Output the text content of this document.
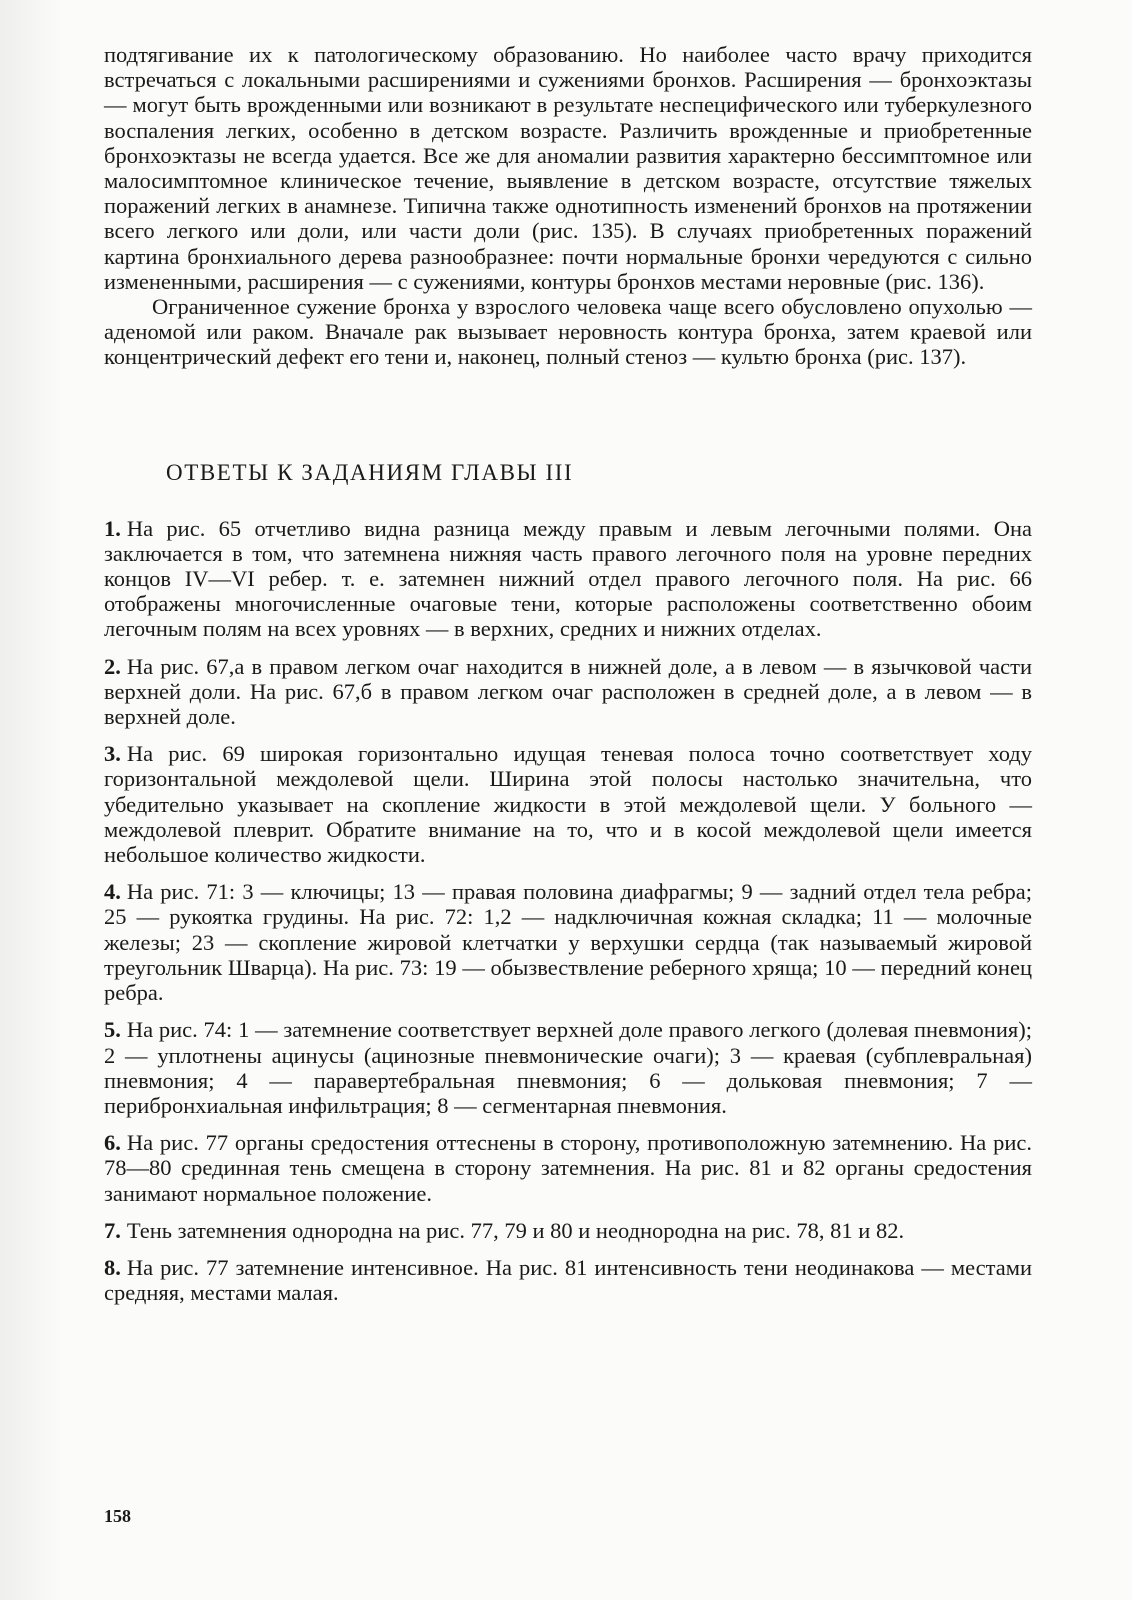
подтягивание их к патологическому образованию. Но наиболее часто врачу приходится встречаться с локальными расширениями и сужениями бронхов. Расширения — бронхоэктазы — могут быть врожденными или возникают в результате неспецифического или туберкулезного воспаления легких, особенно в детском возрасте. Различить врожденные и приобретенные бронхоэктазы не всегда удается. Все же для аномалии развития характерно бессимптомное или малосимптомное клиническое течение, выявление в детском возрасте, отсутствие тяжелых поражений легких в анамнезе. Типична также однотипность изменений бронхов на протяжении всего легкого или доли, или части доли (рис. 135). В случаях приобретенных поражений картина бронхиального дерева разнообразнее: почти нормальные бронхи чередуются с сильно измененными, расширения — с сужениями, контуры бронхов местами неровные (рис. 136).

Ограниченное сужение бронха у взрослого человека чаще всего обусловлено опухолью — аденомой или раком. Вначале рак вызывает неровность контура бронха, затем краевой или концентрический дефект его тени и, наконец, полный стеноз — культю бронха (рис. 137).

ОТВЕТЫ К ЗАДАНИЯМ ГЛАВЫ III

1. На рис. 65 отчетливо видна разница между правым и левым легочными полями. Она заключается в том, что затемнена нижняя часть правого легочного поля на уровне передних концов IV—VI ребер. т. е. затемнен нижний отдел правого легочного поля. На рис. 66 отображены многочисленные очаговые тени, которые расположены соответственно обоим легочным полям на всех уровнях — в верхних, средних и нижних отделах.

2. На рис. 67,а в правом легком очаг находится в нижней доле, а в левом — в язычковой части верхней доли. На рис. 67,б в правом легком очаг расположен в средней доле, а в левом — в верхней доле.

3. На рис. 69 широкая горизонтально идущая теневая полоса точно соответствует ходу горизонтальной междолевой щели. Ширина этой полосы настолько значительна, что убедительно указывает на скопление жидкости в этой междолевой щели. У больного — междолевой плеврит. Обратите внимание на то, что и в косой междолевой щели имеется небольшое количество жидкости.

4. На рис. 71: 3 — ключицы; 13 — правая половина диафрагмы; 9 — задний отдел тела ребра; 25 — рукоятка грудины. На рис. 72: 1,2 — надключичная кожная складка; 11 — молочные железы; 23 — скопление жировой клетчатки у верхушки сердца (так называемый жировой треугольник Шварца). На рис. 73: 19 — обызвествление реберного хряща; 10 — передний конец ребра.

5. На рис. 74: 1 — затемнение соответствует верхней доле правого легкого (долевая пневмония); 2 — уплотнены ацинусы (ацинозные пневмонические очаги); 3 — краевая (субплевральная) пневмония; 4 — паравертебральная пневмония; 6 — дольковая пневмония; 7 — перибронхиальная инфильтрация; 8 — сегментарная пневмония.

6. На рис. 77 органы средостения оттеснены в сторону, противоположную затемнению. На рис. 78—80 срединная тень смещена в сторону затемнения. На рис. 81 и 82 органы средостения занимают нормальное положение.

7. Тень затемнения однородна на рис. 77, 79 и 80 и неоднородна на рис. 78, 81 и 82.

8. На рис. 77 затемнение интенсивное. На рис. 81 интенсивность тени неодинакова — местами средняя, местами малая.

158
